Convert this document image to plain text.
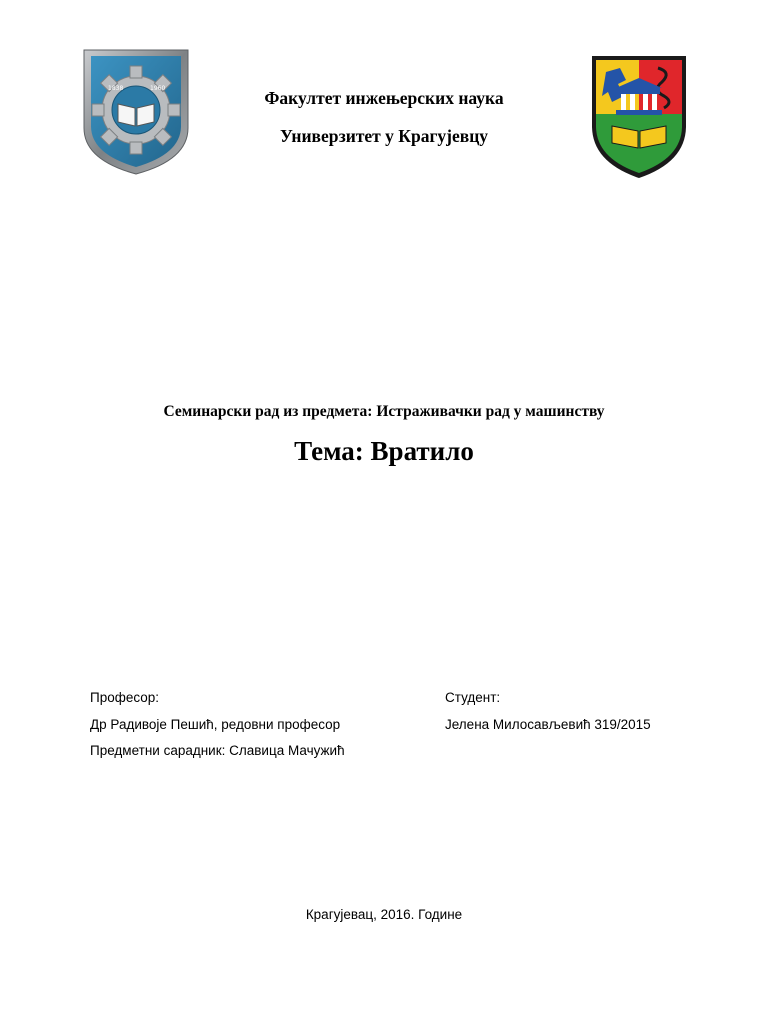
1838	1960	Факултет инжењерских наука
Универзитет у Крагујевцу
Семинарски рад из предмета: Истраживачки рад у машинству
Тема: Вратило
Професор:
Др Радивоје Пешић, редовни професор
Предметни сарадник: Славица Мачужић
Студент:
Јелена Милосављевић 319/2015
Крагујевац, 2016. Године
